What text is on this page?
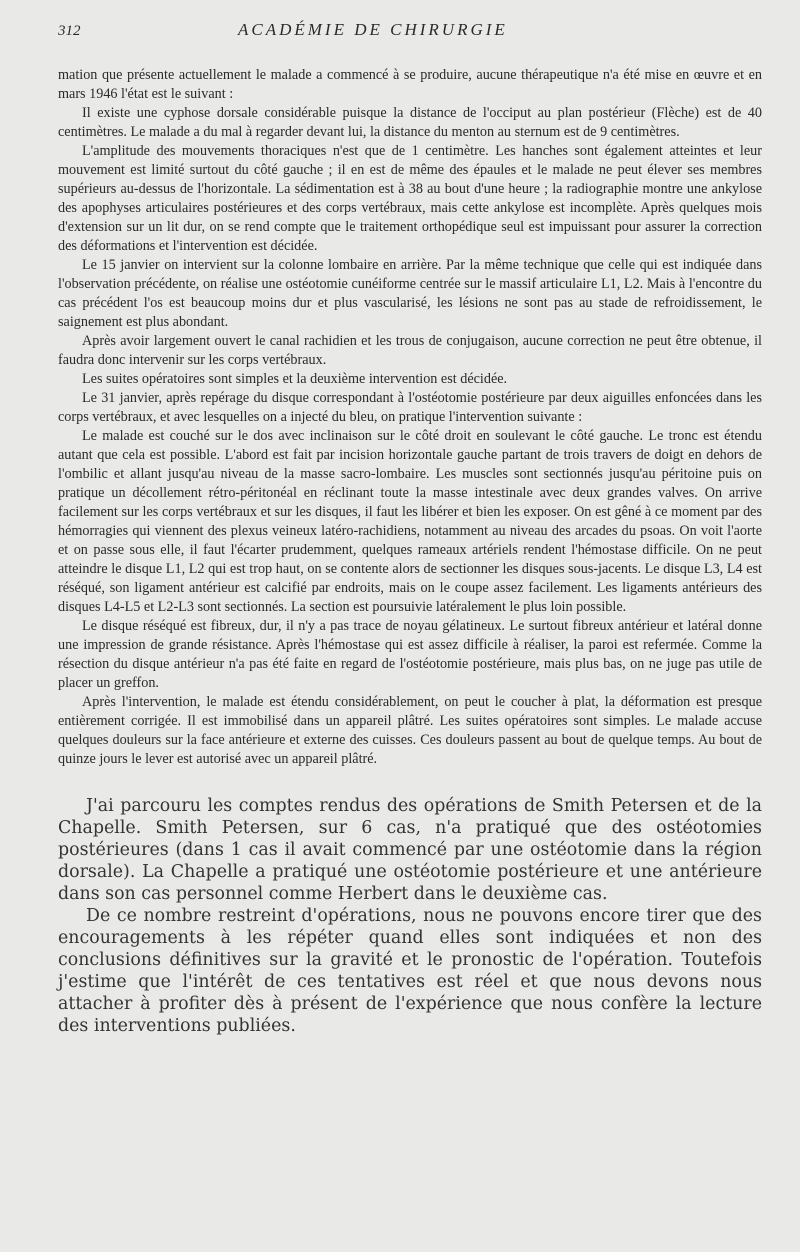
312	ACADÉMIE DE CHIRURGIE

mation que présente actuellement le malade a commencé à se produire, aucune thérapeutique n'a été mise en œuvre et en mars 1946 l'état est le suivant :

Il existe une cyphose dorsale considérable puisque la distance de l'occiput au plan postérieur (Flèche) est de 40 centimètres. Le malade a du mal à regarder devant lui, la distance du menton au sternum est de 9 centimètres.

L'amplitude des mouvements thoraciques n'est que de 1 centimètre. Les hanches sont également atteintes et leur mouvement est limité surtout du côté gauche ; il en est de même des épaules et le malade ne peut élever ses membres supérieurs au-dessus de l'horizontale. La sédimentation est à 38 au bout d'une heure ; la radiographie montre une ankylose des apophyses articulaires postérieures et des corps vertébraux, mais cette ankylose est incomplète. Après quelques mois d'extension sur un lit dur, on se rend compte que le traitement orthopédique seul est impuissant pour assurer la correction des déformations et l'intervention est décidée.

Le 15 janvier on intervient sur la colonne lombaire en arrière. Par la même technique que celle qui est indiquée dans l'observation précédente, on réalise une ostéotomie cunéiforme centrée sur le massif articulaire L1, L2. Mais à l'encontre du cas précédent l'os est beaucoup moins dur et plus vascularisé, les lésions ne sont pas au stade de refroidissement, le saignement est plus abondant.

Après avoir largement ouvert le canal rachidien et les trous de conjugaison, aucune correction ne peut être obtenue, il faudra donc intervenir sur les corps vertébraux.

Les suites opératoires sont simples et la deuxième intervention est décidée.

Le 31 janvier, après repérage du disque correspondant à l'ostéotomie postérieure par deux aiguilles enfoncées dans les corps vertébraux, et avec lesquelles on a injecté du bleu, on pratique l'intervention suivante :

Le malade est couché sur le dos avec inclinaison sur le côté droit en soulevant le côté gauche. Le tronc est étendu autant que cela est possible. L'abord est fait par incision horizontale gauche partant de trois travers de doigt en dehors de l'ombilic et allant jusqu'au niveau de la masse sacro-lombaire. Les muscles sont sectionnés jusqu'au péritoine puis on pratique un décollement rétro-péritonéal en réclinant toute la masse intestinale avec deux grandes valves. On arrive facilement sur les corps vertébraux et sur les disques, il faut les libérer et bien les exposer. On est gêné à ce moment par des hémorragies qui viennent des plexus veineux latéro-rachidiens, notamment au niveau des arcades du psoas. On voit l'aorte et on passe sous elle, il faut l'écarter prudemment, quelques rameaux artériels rendent l'hémostase difficile. On ne peut atteindre le disque L1, L2 qui est trop haut, on se contente alors de sectionner les disques sous-jacents. Le disque L3, L4 est réséqué, son ligament antérieur est calcifié par endroits, mais on le coupe assez facilement. Les ligaments antérieurs des disques L4-L5 et L2-L3 sont sectionnés. La section est poursuivie latéralement le plus loin possible.

Le disque réséqué est fibreux, dur, il n'y a pas trace de noyau gélatineux. Le surtout fibreux antérieur et latéral donne une impression de grande résistance. Après l'hémostase qui est assez difficile à réaliser, la paroi est refermée. Comme la résection du disque antérieur n'a pas été faite en regard de l'ostéotomie postérieure, mais plus bas, on ne juge pas utile de placer un greffon.

Après l'intervention, le malade est étendu considérablement, on peut le coucher à plat, la déformation est presque entièrement corrigée. Il est immobilisé dans un appareil plâtré. Les suites opératoires sont simples. Le malade accuse quelques douleurs sur la face antérieure et externe des cuisses. Ces douleurs passent au bout de quelque temps. Au bout de quinze jours le lever est autorisé avec un appareil plâtré.

J'ai parcouru les comptes rendus des opérations de Smith Petersen et de la Chapelle. Smith Petersen, sur 6 cas, n'a pratiqué que des ostéotomies postérieures (dans 1 cas il avait commencé par une ostéotomie dans la région dorsale). La Chapelle a pratiqué une ostéotomie postérieure et une antérieure dans son cas personnel comme Herbert dans le deuxième cas.

De ce nombre restreint d'opérations, nous ne pouvons encore tirer que des encouragements à les répéter quand elles sont indiquées et non des conclusions définitives sur la gravité et le pronostic de l'opération. Toutefois j'estime que l'intérêt de ces tentatives est réel et que nous devons nous attacher à profiter dès à présent de l'expérience que nous confère la lecture des interventions publiées.
